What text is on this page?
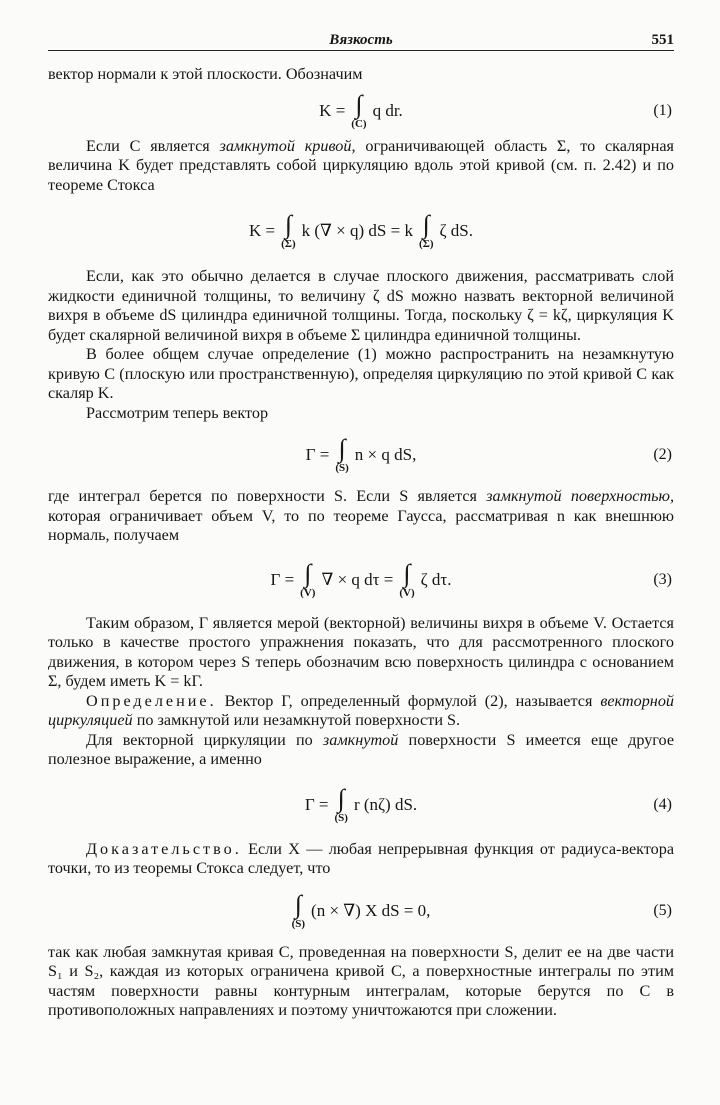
Вязкость	551

вектор нормали к этой плоскости. Обозначим

K = ∫
(C)
q dr.	(1)

Если C является замкнутой кривой, ограничивающей область Σ, то скалярная величина K будет представлять собой циркуляцию вдоль этой кривой (см. п. 2.42) и по теореме Стокса

K = ∫
(Σ)
k (∇ × q) dS = k ∫
(Σ)
ζ dS.

Если, как это обычно делается в случае плоского движения, рассматривать слой жидкости единичной толщины, то величину ζ dS можно назвать векторной величиной вихря в объеме dS цилиндра единичной толщины. Тогда, поскольку ζ = kζ, циркуляция K будет скалярной величиной вихря в объеме Σ цилиндра единичной толщины.

В более общем случае определение (1) можно распространить на незамкнутую кривую C (плоскую или пространственную), определяя циркуляцию по этой кривой C как скаляр K.

Рассмотрим теперь вектор

Γ = ∫
(S)
n × q dS,	(2)

где интеграл берется по поверхности S. Если S является замкнутой поверхностью, которая ограничивает объем V, то по теореме Гаусса, рассматривая n как внешнюю нормаль, получаем

Γ = ∫
(V)
∇ × q dτ = ∫
(V)
ζ dτ.	(3)

Таким образом, Γ является мерой (векторной) величины вихря в объеме V. Остается только в качестве простого упражнения показать, что для рассмотренного плоского движения, в котором через S теперь обозначим всю поверхность цилиндра с основанием Σ, будем иметь K = kΓ.

Определение. Вектор Γ, определенный формулой (2), называется векторной циркуляцией по замкнутой или незамкнутой поверхности S.

Для векторной циркуляции по замкнутой поверхности S имеется еще другое полезное выражение, а именно

Γ = ∫
(S)
r (nζ) dS.	(4)

Доказательство. Если X — любая непрерывная функция от радиуса-вектора точки, то из теоремы Стокса следует, что

∫
(S)
(n × ∇) X dS = 0,	(5)

так как любая замкнутая кривая C, проведенная на поверхности S, делит ее на две части S₁ и S₂, каждая из которых ограничена кривой C, а поверхностные интегралы по этим частям поверхности равны контурным интегралам, которые берутся по C в противоположных направлениях и поэтому уничтожаются при сложении.
